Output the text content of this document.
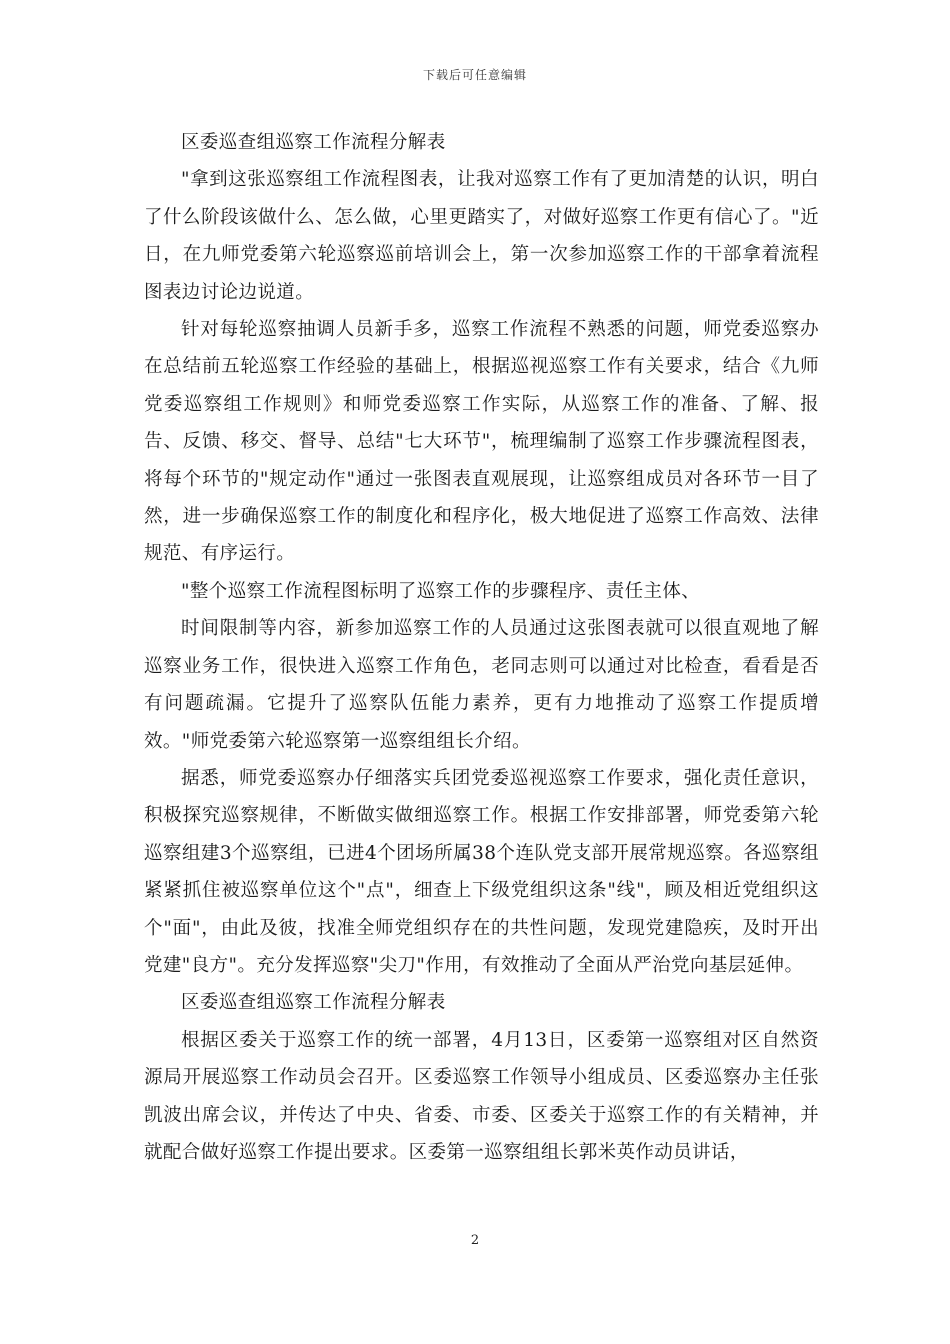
下载后可任意编辑

区委巡查组巡察工作流程分解表

"拿到这张巡察组工作流程图表，让我对巡察工作有了更加清楚的认识，明白了什么阶段该做什么、怎么做，心里更踏实了，对做好巡察工作更有信心了。"近日，在九师党委第六轮巡察巡前培训会上，第一次参加巡察工作的干部拿着流程图表边讨论边说道。

针对每轮巡察抽调人员新手多，巡察工作流程不熟悉的问题，师党委巡察办在总结前五轮巡察工作经验的基础上，根据巡视巡察工作有关要求，结合《九师党委巡察组工作规则》和师党委巡察工作实际，从巡察工作的准备、了解、报告、反馈、移交、督导、总结"七大环节"，梳理编制了巡察工作步骤流程图表，将每个环节的"规定动作"通过一张图表直观展现，让巡察组成员对各环节一目了然，进一步确保巡察工作的制度化和程序化，极大地促进了巡察工作高效、法律规范、有序运行。

"整个巡察工作流程图标明了巡察工作的步骤程序、责任主体、

时间限制等内容，新参加巡察工作的人员通过这张图表就可以很直观地了解巡察业务工作，很快进入巡察工作角色，老同志则可以通过对比检查，看看是否有问题疏漏。它提升了巡察队伍能力素养，更有力地推动了巡察工作提质增效。"师党委第六轮巡察第一巡察组组长介绍。

据悉，师党委巡察办仔细落实兵团党委巡视巡察工作要求，强化责任意识，积极探究巡察规律，不断做实做细巡察工作。根据工作安排部署，师党委第六轮巡察组建3个巡察组，已进4个团场所属38个连队党支部开展常规巡察。各巡察组紧紧抓住被巡察单位这个"点"，细查上下级党组织这条"线"，顾及相近党组织这个"面"，由此及彼，找准全师党组织存在的共性问题，发现党建隐疾，及时开出党建"良方"。充分发挥巡察"尖刀"作用，有效推动了全面从严治党向基层延伸。

区委巡查组巡察工作流程分解表

根据区委关于巡察工作的统一部署，4月13日，区委第一巡察组对区自然资源局开展巡察工作动员会召开。区委巡察工作领导小组成员、区委巡察办主任张凯波出席会议，并传达了中央、省委、市委、区委关于巡察工作的有关精神，并就配合做好巡察工作提出要求。区委第一巡察组组长郭米英作动员讲话，

2
